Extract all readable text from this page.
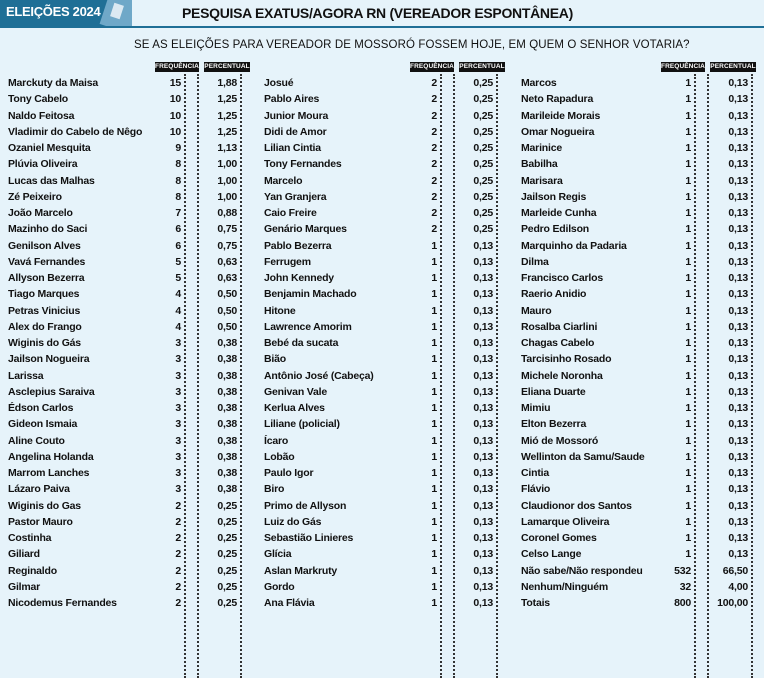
ELEIÇÕES 2024	PESQUISA EXATUS/AGORA RN (VEREADOR ESPONTÂNEA)
SE AS ELEIÇÕES PARA VEREADOR DE MOSSORÓ FOSSEM HOJE, EM QUEM O SENHOR VOTARIA?
FREQUÊNCIA PERCENTUAL
Marckuty da Maisa	15	1,88
Tony Cabelo	10	1,25
Naldo Feitosa	10	1,25
Vladimir do Cabelo de Nêgo	10	1,25
Ozaniel Mesquita	9	1,13
Plúvia Oliveira	8	1,00
Lucas das Malhas	8	1,00
Zé Peixeiro	8	1,00
João Marcelo	7	0,88
Mazinho do Saci	6	0,75
Genilson Alves	6	0,75
Vavá Fernandes	5	0,63
Allyson Bezerra	5	0,63
Tiago Marques	4	0,50
Petras Vinicius	4	0,50
Alex do Frango	4	0,50
Wiginis do Gás	3	0,38
Jailson Nogueira	3	0,38
Larissa	3	0,38
Asclepius Saraiva	3	0,38
Édson Carlos	3	0,38
Gideon Ismaia	3	0,38
Aline Couto	3	0,38
Angelina Holanda	3	0,38
Marrom Lanches	3	0,38
Lázaro Paiva	3	0,38
Wiginis do Gas	2	0,25
Pastor Mauro	2	0,25
Costinha	2	0,25
Giliard	2	0,25
Reginaldo	2	0,25
Gilmar	2	0,25
Nicodemus Fernandes	2	0,25
FREQUÊNCIA PERCENTUAL
Josué	2	0,25
Pablo Aires	2	0,25
Junior Moura	2	0,25
Didi de Amor	2	0,25
Lilian Cintia	2	0,25
Tony Fernandes	2	0,25
Marcelo	2	0,25
Yan Granjera	2	0,25
Caio Freire	2	0,25
Genário Marques	2	0,25
Pablo Bezerra	1	0,13
Ferrugem	1	0,13
John Kennedy	1	0,13
Benjamin Machado	1	0,13
Hitone	1	0,13
Lawrence Amorim	1	0,13
Bebé da sucata	1	0,13
Bião	1	0,13
Antônio José (Cabeça)	1	0,13
Genivan Vale	1	0,13
Kerlua Alves	1	0,13
Liliane (policial)	1	0,13
Ícaro	1	0,13
Lobão	1	0,13
Paulo Igor	1	0,13
Biro	1	0,13
Primo de Allyson	1	0,13
Luiz do Gás	1	0,13
Sebastião Linieres	1	0,13
Glícia	1	0,13
Aslan Markruty	1	0,13
Gordo	1	0,13
Ana Flávia	1	0,13
FREQUÊNCIA PERCENTUAL
Marcos	1	0,13
Neto Rapadura	1	0,13
Marileide Morais	1	0,13
Omar Nogueira	1	0,13
Marinice	1	0,13
Babilha	1	0,13
Marisara	1	0,13
Jailson Regis	1	0,13
Marleide Cunha	1	0,13
Pedro Edilson	1	0,13
Marquinho da Padaria	1	0,13
Dilma	1	0,13
Francisco Carlos	1	0,13
Raerio Anidio	1	0,13
Mauro	1	0,13
Rosalba Ciarlini	1	0,13
Chagas Cabelo	1	0,13
Tarcisinho Rosado	1	0,13
Michele Noronha	1	0,13
Eliana Duarte	1	0,13
Mimiu	1	0,13
Elton Bezerra	1	0,13
Mió de Mossoró	1	0,13
Wellinton da Samu/Saude	1	0,13
Cintia	1	0,13
Flávio	1	0,13
Claudionor dos Santos	1	0,13
Lamarque Oliveira	1	0,13
Coronel Gomes	1	0,13
Celso Lange	1	0,13
Não sabe/Não respondeu	532	66,50
Nenhum/Ninguém	32	4,00
Totais	800	100,00
